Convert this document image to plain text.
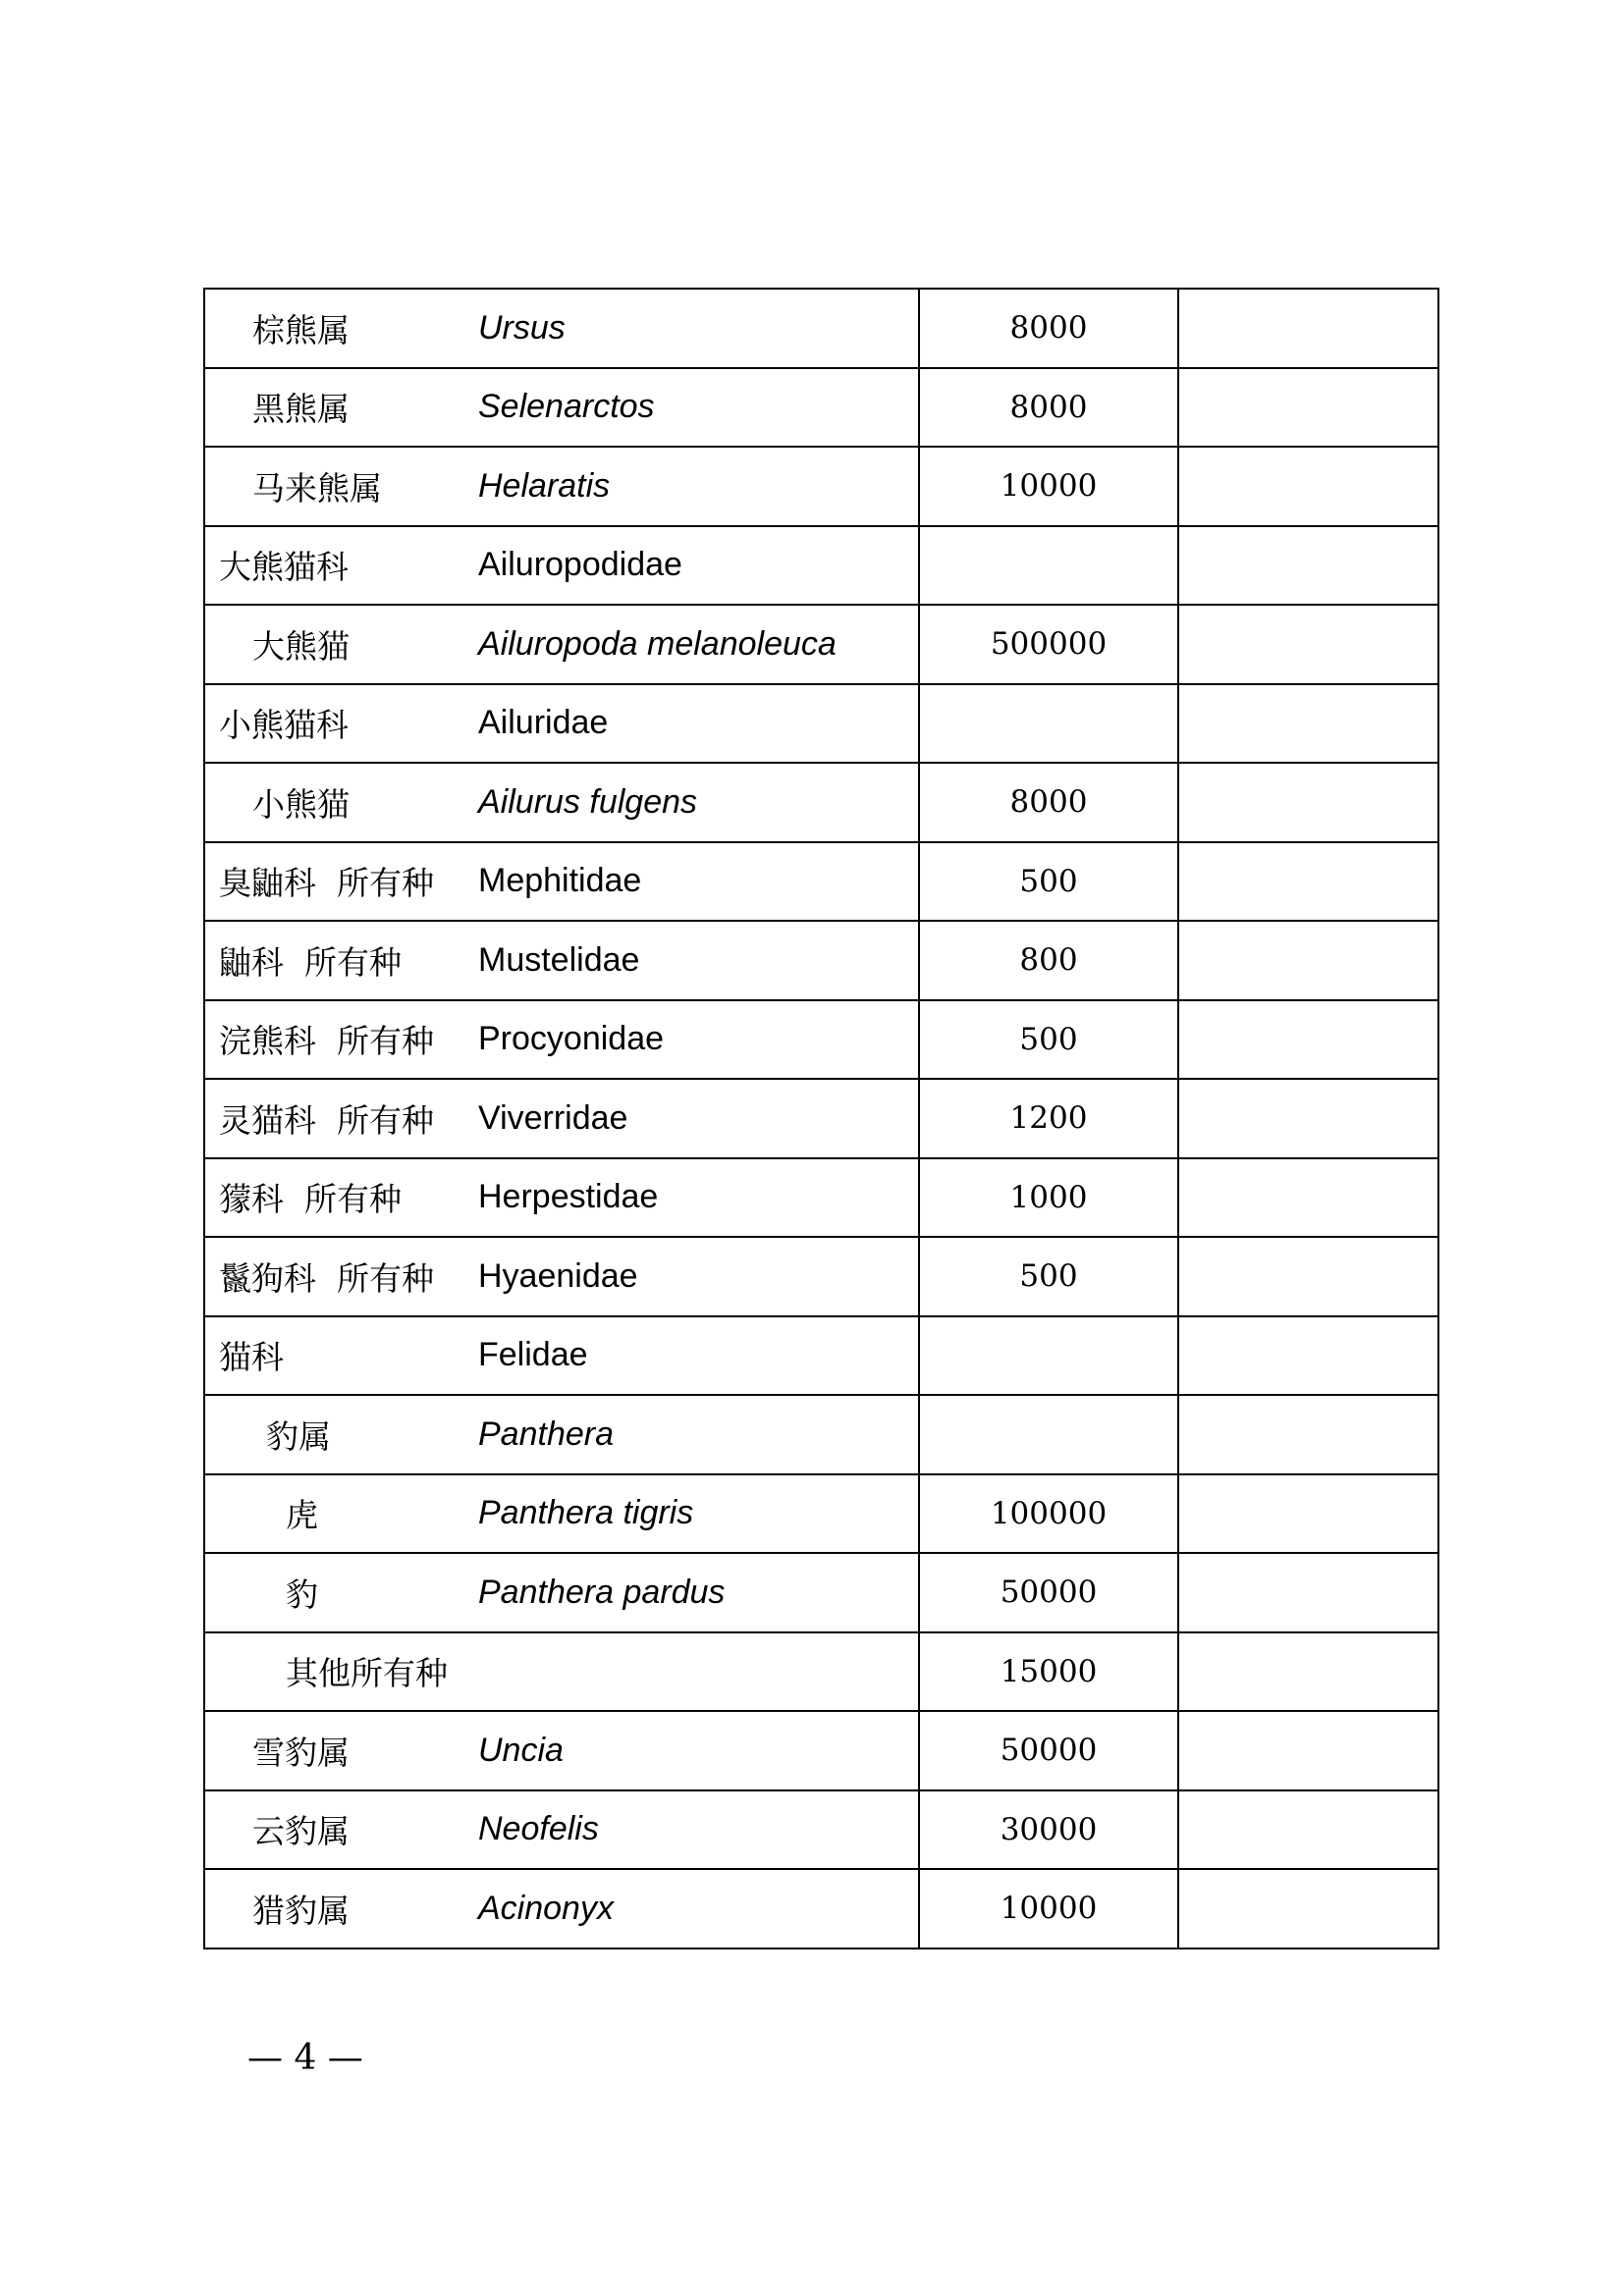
棕熊属	Ursus	8000	

黑熊属	Selenarctos	8000	

马来熊属	Helaratis	10000	

大熊猫科	Ailuropodidae		

大熊猫	Ailuropoda melanoleuca	500000	

小熊猫科	Ailuridae		

小熊猫	Ailurus fulgens	8000	

臭鼬科  所有种	Mephitidae	500	

鼬科  所有种	Mustelidae	800	

浣熊科  所有种	Procyonidae	500	

灵猫科  所有种	Viverridae	1200	

獴科  所有种	Herpestidae	1000	

鬣狗科  所有种	Hyaenidae	500	

猫科	Felidae		

豹属	Panthera		

虎	Panthera tigris	100000	

豹	Panthera pardus	50000	

其他所有种		15000	

雪豹属	Uncia	50000	

云豹属	Neofelis	30000	

猎豹属	Acinonyx	10000	
— 4 —
